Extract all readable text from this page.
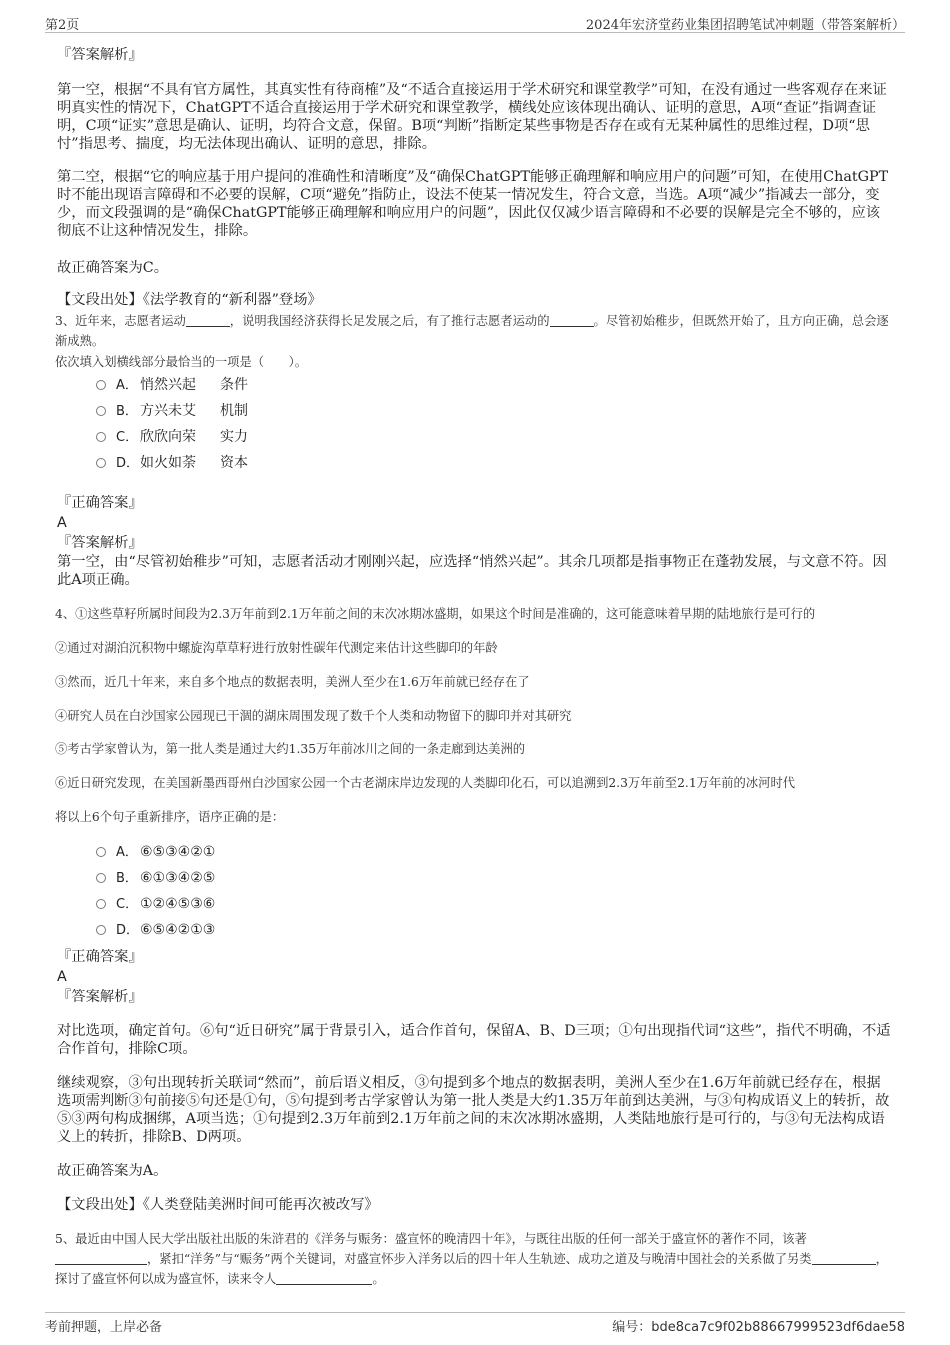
第2页	2024年宏济堂药业集团招聘笔试冲刺题（带答案解析）
『答案解析』
第一空，根据“不具有官方属性，其真实性有待商榷”及“不适合直接运用于学术研究和课堂教学”可知，在没有通过一些客观存在来证明真实性的情况下，ChatGPT不适合直接运用于学术研究和课堂教学，横线处应该体现出确认、证明的意思，A项“查证”指调查证明，C项“证实”意思是确认、证明，均符合文意，保留。B项“判断”指断定某些事物是否存在或有无某种属性的思维过程，D项“思忖”指思考、揣度，均无法体现出确认、证明的意思，排除。
第二空，根据“它的响应基于用户提问的准确性和清晰度”及“确保ChatGPT能够正确理解和响应用户的问题”可知，在使用ChatGPT时不能出现语言障碍和不必要的误解，C项“避免”指防止，设法不使某一情况发生，符合文意，当选。A项“减少”指减去一部分，变少，而文段强调的是“确保ChatGPT能够正确理解和响应用户的问题”，因此仅仅减少语言障碍和不必要的误解是完全不够的，应该彻底不让这种情况发生，排除。
故正确答案为C。
【文段出处】《法学教育的“新利器”登场》
3、近年来，志愿者运动	，说明我国经济获得长足发展之后，有了推行志愿者运动的	。尽管初始稚步，但既然开始了，且方向正确，总会逐渐成熟。
依次填入划横线部分最恰当的一项是（　　）。
A． 悄然兴起 条件
B． 方兴未艾 机制
C． 欣欣向荣 实力
D．如火如荼 资本
『正确答案』
A
『答案解析』
第一空，由“尽管初始稚步”可知，志愿者活动才刚刚兴起，应选择“悄然兴起”。其余几项都是指事物正在蓬勃发展，与文意不符。因此A项正确。
4、①这些草籽所属时间段为2.3万年前到2.1万年前之间的末次冰期冰盛期，如果这个时间是准确的，这可能意味着早期的陆地旅行是可行的
②通过对湖泊沉积物中螺旋沟草草籽进行放射性碳年代测定来估计这些脚印的年龄
③然而，近几十年来，来自多个地点的数据表明，美洲人至少在1.6万年前就已经存在了
④研究人员在白沙国家公园现已干涸的湖床周围发现了数千个人类和动物留下的脚印并对其研究
⑤考古学家曾认为，第一批人类是通过大约1.35万年前冰川之间的一条走廊到达美洲的
⑥近日研究发现，在美国新墨西哥州白沙国家公园一个古老湖床岸边发现的人类脚印化石，可以追溯到2.3万年前至2.1万年前的冰河时代
将以上6个句子重新排序，语序正确的是：
A． ⑥⑤③④②①
B． ⑥①③④②⑤
C． ①②④⑤③⑥
D．⑥⑤④②①③
『正确答案』
A
『答案解析』
对比选项，确定首句。⑥句“近日研究”属于背景引入，适合作首句，保留A、B、D三项；①句出现指代词“这些”，指代不明确，不适合作首句，排除C项。
继续观察，③句出现转折关联词“然而”，前后语义相反，③句提到多个地点的数据表明，美洲人至少在1.6万年前就已经存在，根据选项需判断③句前接⑤句还是①句，⑤句提到考古学家曾认为第一批人类是大约1.35万年前到达美洲，与③句构成语义上的转折，故⑤③两句构成捆绑，A项当选；①句提到2.3万年前到2.1万年前之间的末次冰期冰盛期，人类陆地旅行是可行的，与③句无法构成语义上的转折，排除B、D两项。
故正确答案为A。
【文段出处】《人类登陆美洲时间可能再次被改写》
5、最近由中国人民大学出版社出版的朱浒君的《洋务与赈务：盛宣怀的晚清四十年》，与既往出版的任何一部关于盛宣怀的著作不同，该著，紧扣“洋务”与“赈务”两个关键词，对盛宣怀步入洋务以后的四十年人生轨迹、成功之道及与晚清中国社会的关系做了另类	，探讨了盛宣怀何以成为盛宣怀，读来令人	。
考前押题，上岸必备	编号：bde8ca7c9f02b88667999523df6dae58
